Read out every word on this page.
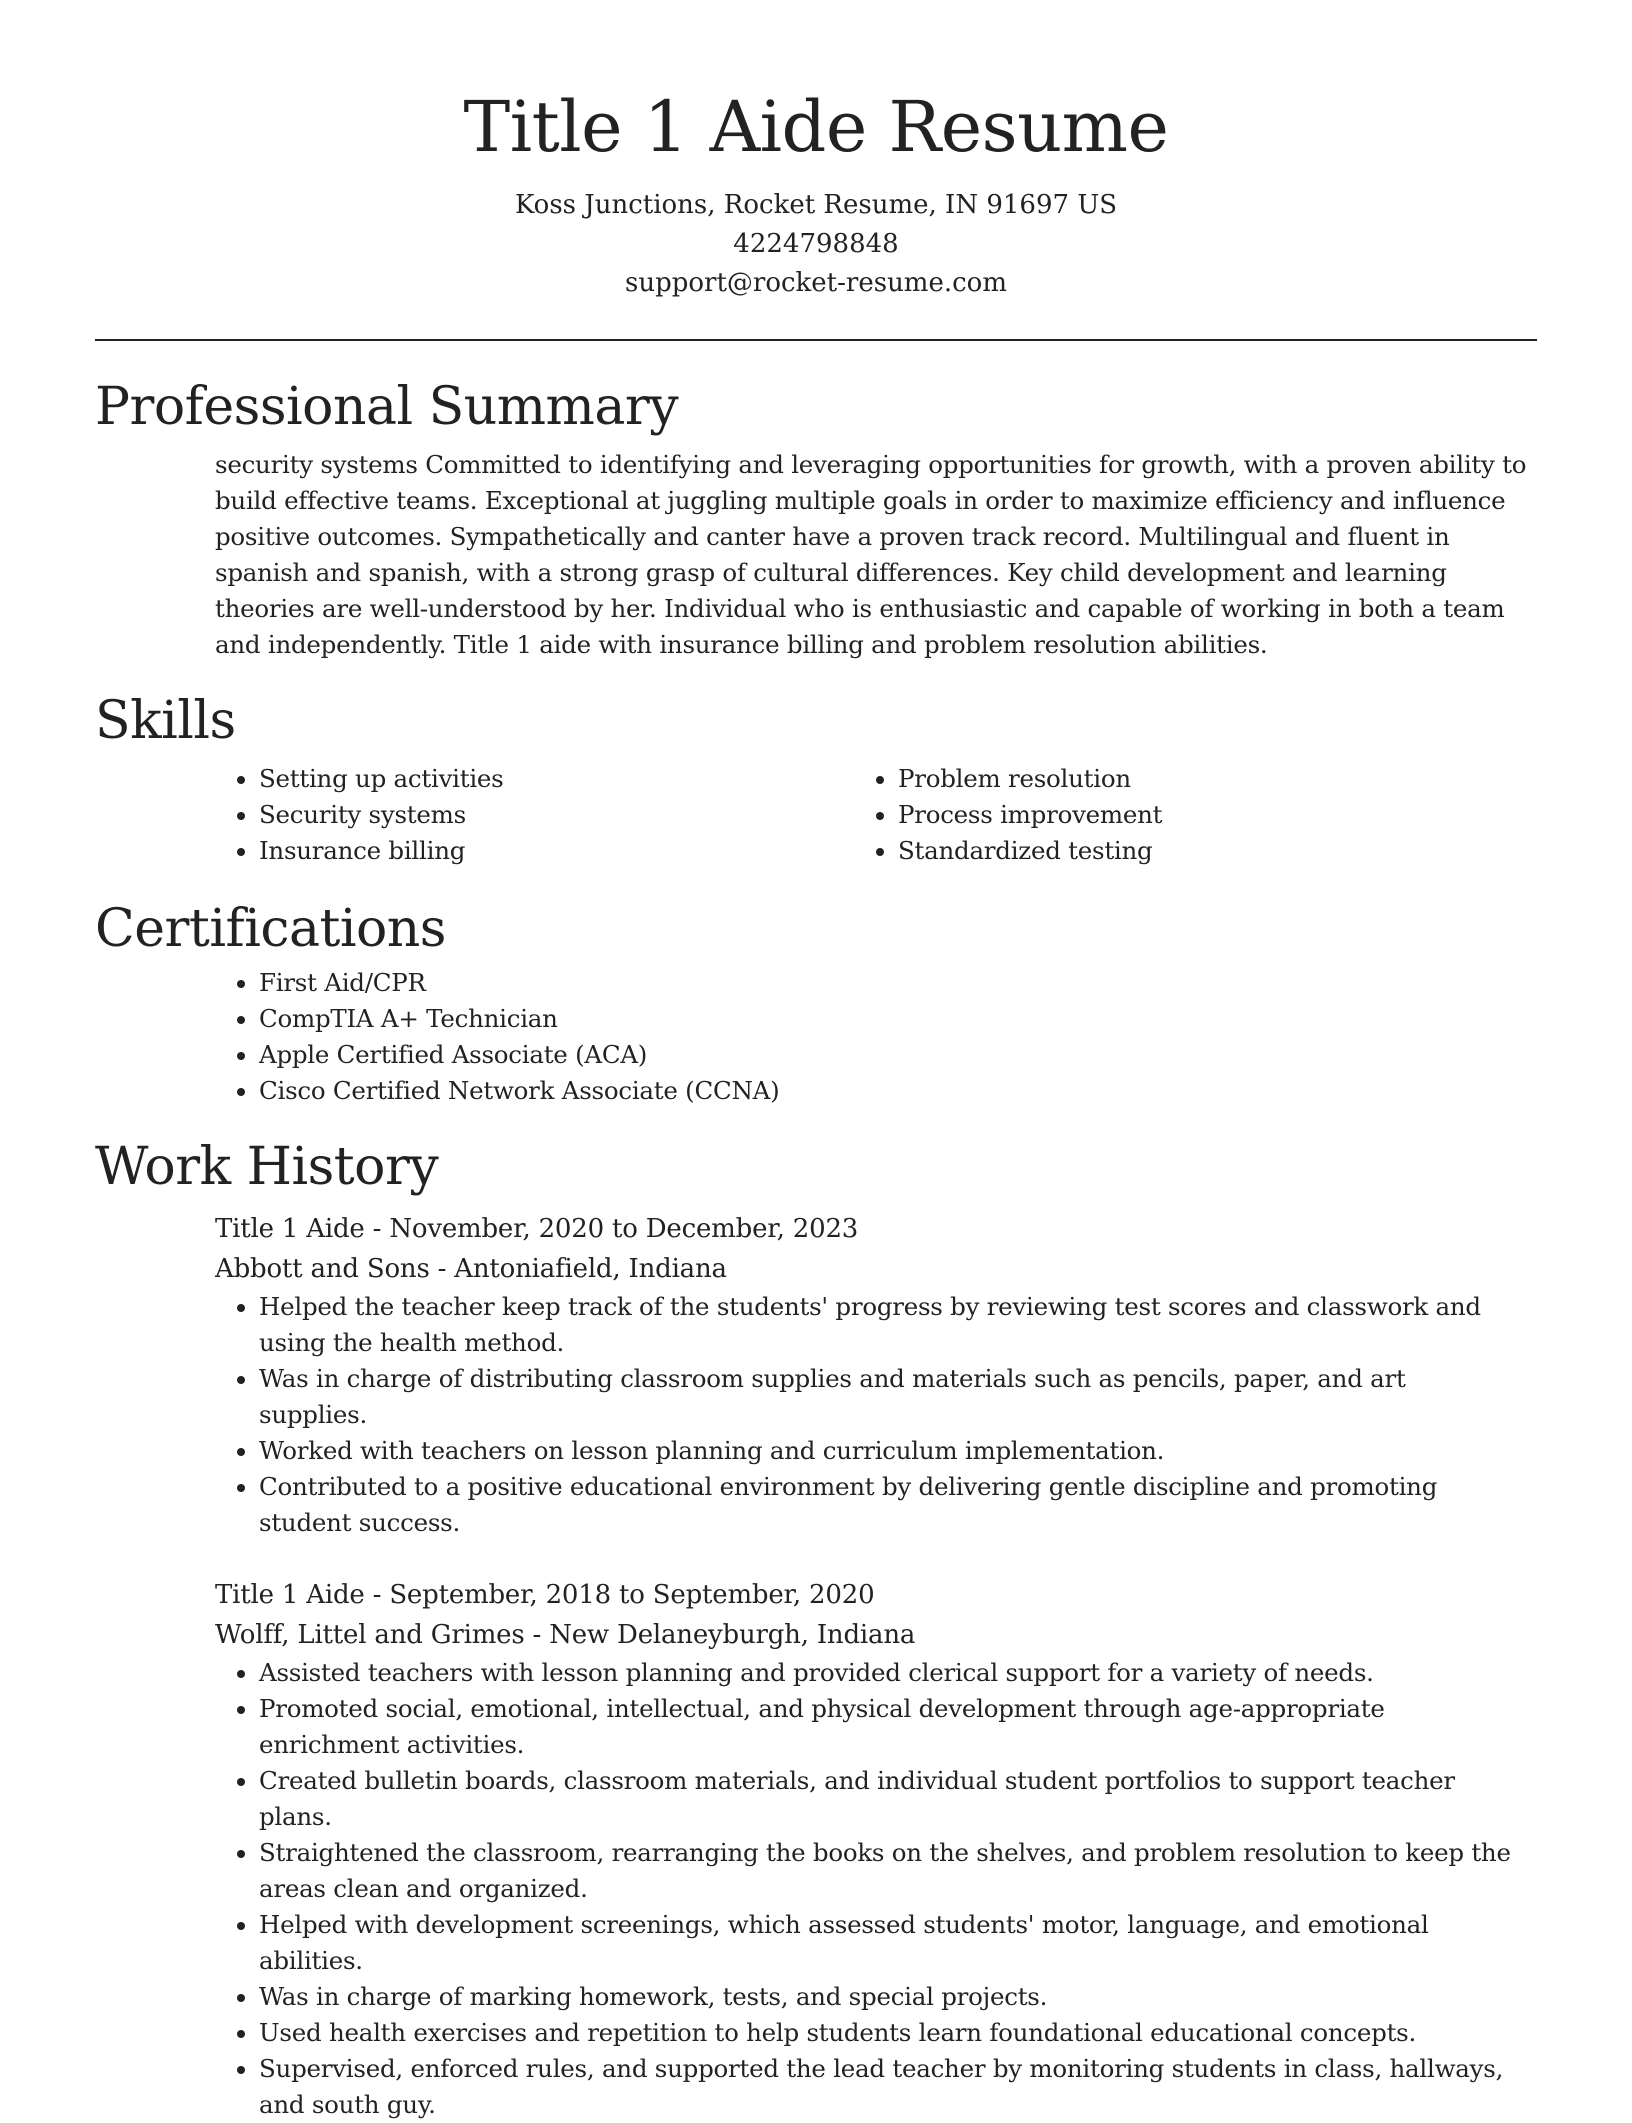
Title 1 Aide Resume

Koss Junctions, Rocket Resume, IN 91697 US

4224798848

support@rocket-resume.com

Professional Summary

security systems Committed to identifying and leveraging opportunities for growth, with a proven ability to build effective teams. Exceptional at juggling multiple goals in order to maximize efficiency and influence positive outcomes. Sympathetically and canter have a proven track record. Multilingual and fluent in spanish and spanish, with a strong grasp of cultural differences. Key child development and learning theories are well-understood by her. Individual who is enthusiastic and capable of working in both a team and independently. Title 1 aide with insurance billing and problem resolution abilities.

Skills
• Setting up activities
• Security systems
• Insurance billing
• Problem resolution
• Process improvement
• Standardized testing
Certifications
• First Aid/CPR
• CompTIA A+ Technician
• Apple Certified Associate (ACA)
• Cisco Certified Network Associate (CCNA)
Work History

Title 1 Aide - November, 2020 to December, 2023

Abbott and Sons - Antoniafield, Indiana

• Helped the teacher keep track of the students' progress by reviewing test scores and classwork and using the health method.
• Was in charge of distributing classroom supplies and materials such as pencils, paper, and art supplies.
• Worked with teachers on lesson planning and curriculum implementation.
• Contributed to a positive educational environment by delivering gentle discipline and promoting student success.

Title 1 Aide - September, 2018 to September, 2020

Wolff, Littel and Grimes - New Delaneyburgh, Indiana

• Assisted teachers with lesson planning and provided clerical support for a variety of needs.
• Promoted social, emotional, intellectual, and physical development through age-appropriate enrichment activities.
• Created bulletin boards, classroom materials, and individual student portfolios to support teacher plans.
• Straightened the classroom, rearranging the books on the shelves, and problem resolution to keep the areas clean and organized.
• Helped with development screenings, which assessed students' motor, language, and emotional abilities.
• Was in charge of marking homework, tests, and special projects.
• Used health exercises and repetition to help students learn foundational educational concepts.
• Supervised, enforced rules, and supported the lead teacher by monitoring students in class, hallways, and south guy.
